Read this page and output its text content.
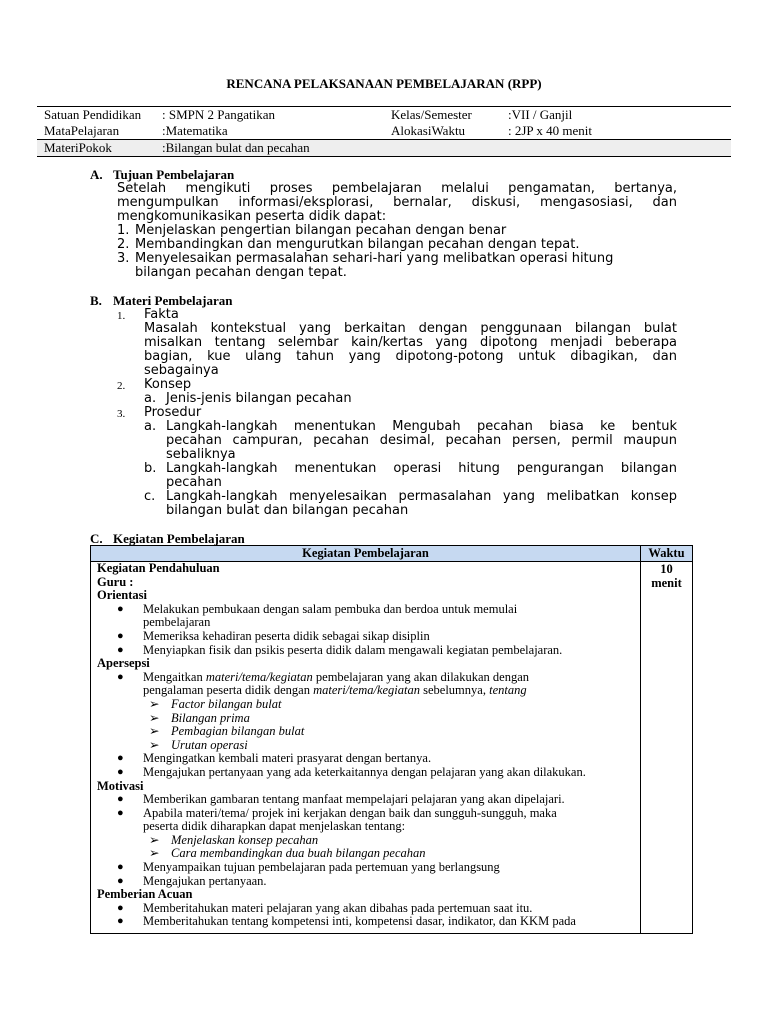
RENCANA PELAKSANAAN PEMBELAJARAN (RPP)
Satuan Pendidikan : SMPN 2 Pangatikan	Kelas/Semester	:VII / Ganjil
MataPelajaran	:Matematika	AlokasiWaktu	: 2JP x 40 menit
MateriPokok	:Bilangan bulat dan pecahan
A. Tujuan Pembelajaran
Setelah mengikuti proses pembelajaran melalui pengamatan, bertanya,
mengumpulkan informasi/eksplorasi, bernalar, diskusi, mengasosiasi, dan
mengkomunikasikan peserta didik dapat:
1. Menjelaskan pengertian bilangan pecahan dengan benar
2. Membandingkan dan mengurutkan bilangan pecahan dengan tepat.
3. Menyelesaikan permasalahan sehari-hari yang melibatkan operasi hitung
bilangan pecahan dengan tepat.
B. Materi Pembelajaran
1. Fakta
Masalah kontekstual yang berkaitan dengan penggunaan bilangan bulat
misalkan tentang selembar kain/kertas yang dipotong menjadi beberapa
bagian, kue ulang tahun yang dipotong-potong untuk dibagikan, dan
sebagainya
2. Konsep
a. Jenis-jenis bilangan pecahan
3. Prosedur
a. Langkah-langkah menentukan Mengubah pecahan biasa ke bentuk
pecahan campuran, pecahan desimal, pecahan persen, permil maupun
sebaliknya
b. Langkah-langkah menentukan operasi hitung pengurangan bilangan
pecahan
c. Langkah-langkah menyelesaikan permasalahan yang melibatkan konsep
bilangan bulat dan bilangan pecahan
C. Kegiatan Pembelajaran
Kegiatan Pembelajaran	Waktu
10
menit
Kegiatan Pendahuluan
Guru :
Orientasi
● Melakukan pembukaan dengan salam pembuka dan berdoa untuk memulai
pembelajaran
● Memeriksa kehadiran peserta didik sebagai sikap disiplin
● Menyiapkan fisik dan psikis peserta didik dalam mengawali kegiatan pembelajaran.
Apersepsi
● Mengaitkan materi/tema/kegiatan pembelajaran yang akan dilakukan dengan
pengalaman peserta didik dengan materi/tema/kegiatan sebelumnya, tentang
➢ Factor bilangan bulat
➢ Bilangan prima
➢ Pembagian bilangan bulat
➢ Urutan operasi
● Mengingatkan kembali materi prasyarat dengan bertanya.
● Mengajukan pertanyaan yang ada keterkaitannya dengan pelajaran yang akan dilakukan.
Motivasi
● Memberikan gambaran tentang manfaat mempelajari pelajaran yang akan dipelajari.
● Apabila materi/tema/ projek ini kerjakan dengan baik dan sungguh-sungguh, maka
peserta didik diharapkan dapat menjelaskan tentang:
➢ Menjelaskan konsep pecahan
➢ Cara membandingkan dua buah bilangan pecahan
● Menyampaikan tujuan pembelajaran pada pertemuan yang berlangsung
● Mengajukan pertanyaan.
Pemberian Acuan
● Memberitahukan materi pelajaran yang akan dibahas pada pertemuan saat itu.
● Memberitahukan tentang kompetensi inti, kompetensi dasar, indikator, dan KKM pada
